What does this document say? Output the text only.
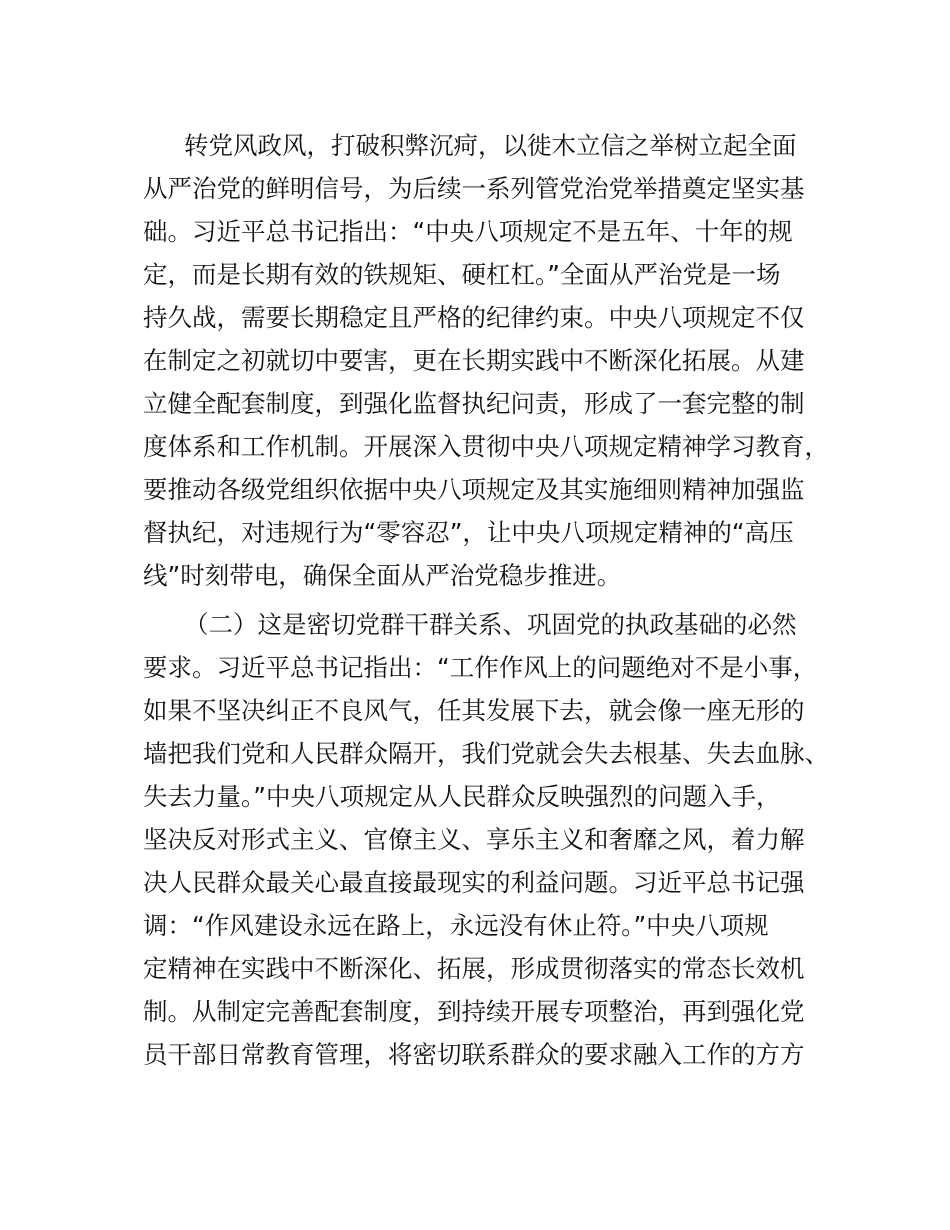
转党风政风，打破积弊沉疴，以徙木立信之举树立起全面
从严治党的鲜明信号，为后续一系列管党治党举措奠定坚实基
础。习近平总书记指出：“中央八项规定不是五年、十年的规
定，而是长期有效的铁规矩、硬杠杠。”全面从严治党是一场
持久战，需要长期稳定且严格的纪律约束。中央八项规定不仅
在制定之初就切中要害，更在长期实践中不断深化拓展。从建
立健全配套制度，到强化监督执纪问责，形成了一套完整的制
度体系和工作机制。开展深入贯彻中央八项规定精神学习教育，
要推动各级党组织依据中央八项规定及其实施细则精神加强监
督执纪，对违规行为“零容忍”，让中央八项规定精神的“高压
线”时刻带电，确保全面从严治党稳步推进。
（二）这是密切党群干群关系、巩固党的执政基础的必然
要求。习近平总书记指出：“工作作风上的问题绝对不是小事，
如果不坚决纠正不良风气，任其发展下去，就会像一座无形的
墙把我们党和人民群众隔开，我们党就会失去根基、失去血脉、
失去力量。”中央八项规定从人民群众反映强烈的问题入手，
坚决反对形式主义、官僚主义、享乐主义和奢靡之风，着力解
决人民群众最关心最直接最现实的利益问题。习近平总书记强
调：“作风建设永远在路上，永远没有休止符。”中央八项规
定精神在实践中不断深化、拓展，形成贯彻落实的常态长效机
制。从制定完善配套制度，到持续开展专项整治，再到强化党
员干部日常教育管理，将密切联系群众的要求融入工作的方方
